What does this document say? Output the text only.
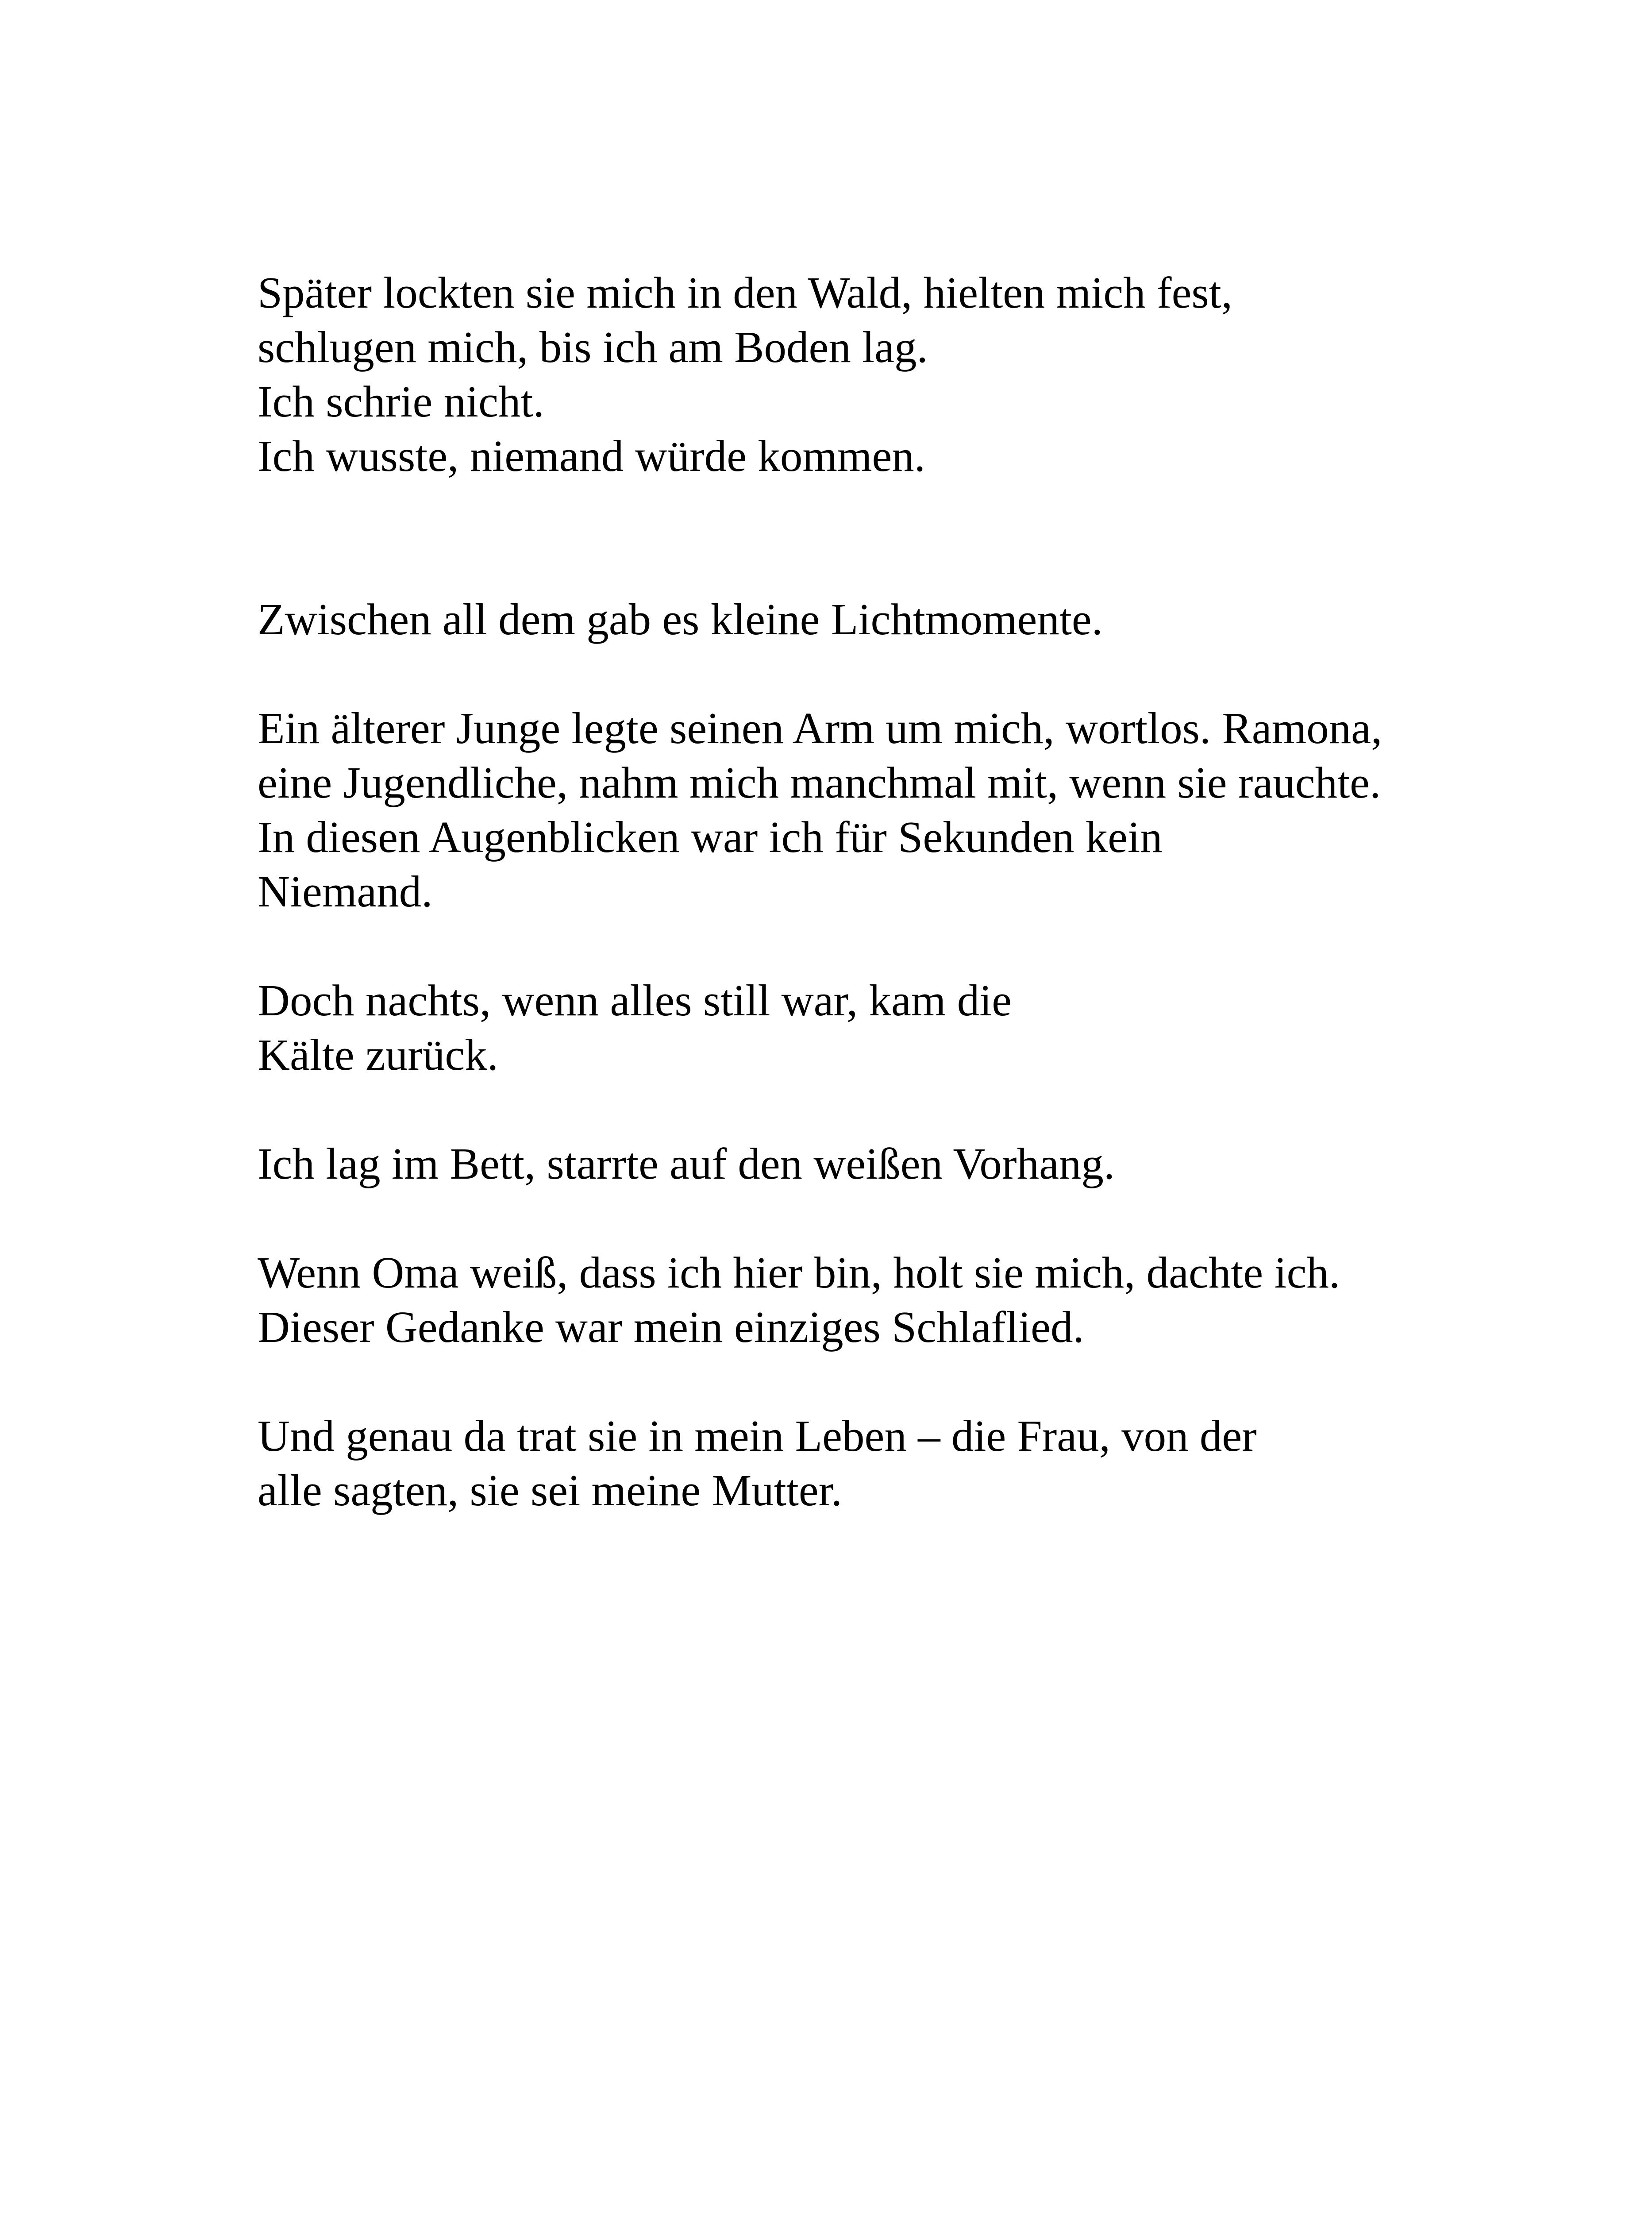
Später lockten sie mich in den Wald, hielten mich fest,
schlugen mich, bis ich am Boden lag.
Ich schrie nicht.
Ich wusste, niemand würde kommen.
Zwischen all dem gab es kleine Lichtmomente.
Ein älterer Junge legte seinen Arm um mich, wortlos. Ramona,
eine Jugendliche, nahm mich manchmal mit, wenn sie rauchte.
In diesen Augenblicken war ich für Sekunden kein
Niemand.
Doch nachts, wenn alles still war, kam die
Kälte zurück.
Ich lag im Bett, starrte auf den weißen Vorhang.
Wenn Oma weiß, dass ich hier bin, holt sie mich, dachte ich.
Dieser Gedanke war mein einziges Schlaflied.
Und genau da trat sie in mein Leben – die Frau, von der
alle sagten, sie sei meine Mutter.
